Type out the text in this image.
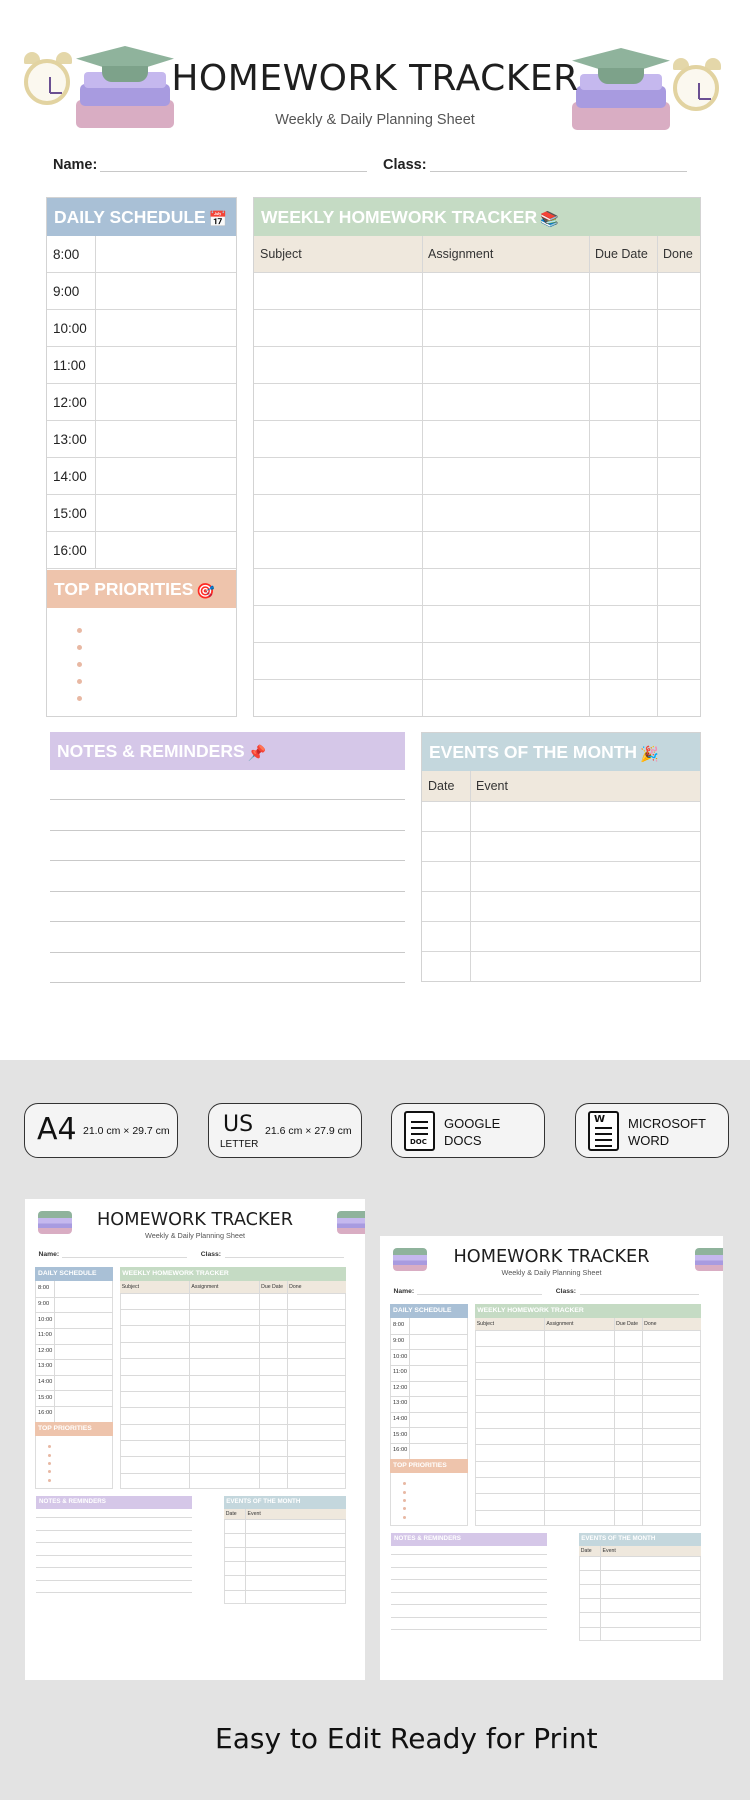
HOMEWORK TRACKER
Weekly & Daily Planning Sheet
Name:	Class:
DAILY SCHEDULE 📅
8:00
9:00
10:00
11:00
12:00
13:00
14:00
15:00
16:00
TOP PRIORITIES 🎯
WEEKLY HOMEWORK TRACKER 📚
Subject	Assignment	Due Date	Done
NOTES & REMINDERS 📌	EVENTS OF THE MONTH 🎉
Date	Event
A4 21.0 cm × 29.7 cm US
LETTER
21.6 cm × 27.9 cm
DOC
GOOGLE
DOCS
W MICROSOFT
WORD
HOMEWORK TRACKER
Weekly & Daily Planning Sheet
Name:	Class:
DAILY SCHEDULE
8:00
9:00
10:00
11:00
12:00
13:00
14:00
15:00
16:00
TOP PRIORITIES
WEEKLY HOMEWORK TRACKER
Subject	Assignment	Due Date Done
NOTES & REMINDERS	EVENTS OF THE MONTH
Date Event
HOMEWORK TRACKER
Weekly & Daily Planning Sheet
Name:	Class:
DAILY SCHEDULE
8:00
9:00
10:00
11:00
12:00
13:00
14:00
15:00
16:00
TOP PRIORITIES
WEEKLY HOMEWORK TRACKER
Subject	Assignment	Due Date Done
NOTES & REMINDERS	EVENTS OF THE MONTH
Date Event
Easy to Edit Ready for Print
